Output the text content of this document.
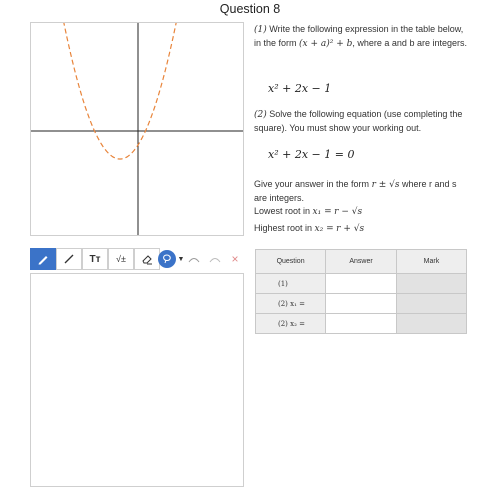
Question 8
(1) Write the following expression in the table below, in the form (x + a)² + b, where a and b are integers.
x² + 2x − 1
(2) Solve the following equation (use completing the square). You must show your working out.
x² + 2x − 1 = 0
Give your answer in the form r ± √s where r and s are integers.
Lowest root in x₁ = r − √s
Highest root in x₂ = r + √s
Tт	√±	▼	×	Question	Answer	Mark
(1)		
(2) x₁ =		
(2) x₂ =		
